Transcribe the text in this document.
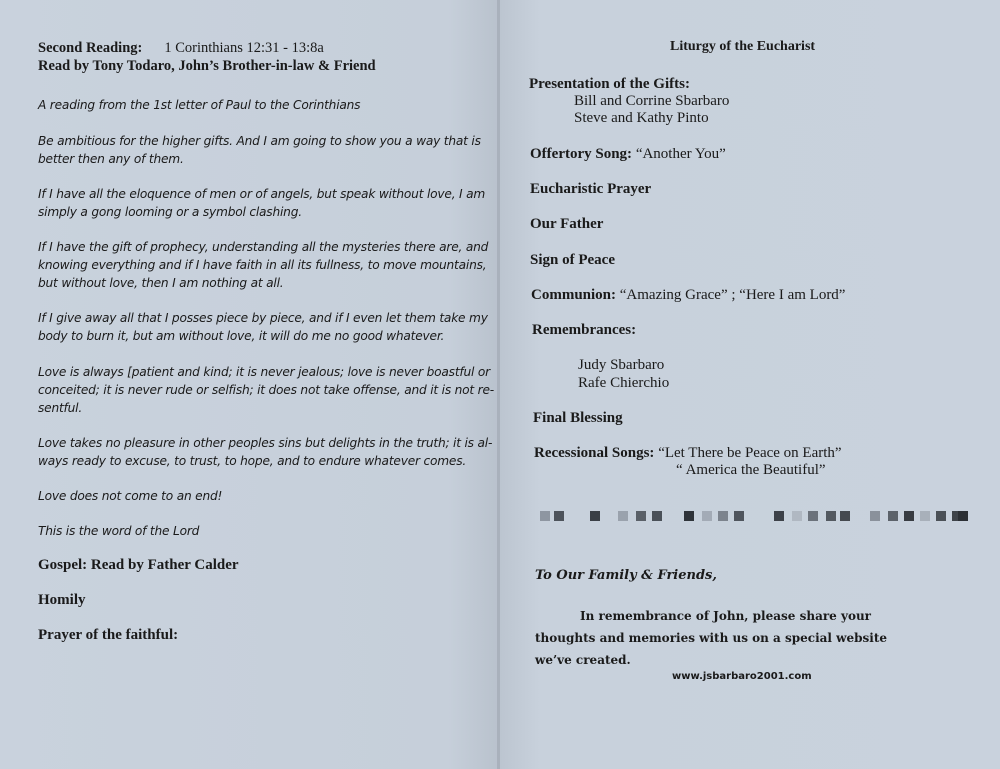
Second Reading: 1 Corinthians 12:31 - 13:8a
Read by Tony Todaro, John’s Brother-in-law & Friend
A reading from the 1st letter of Paul to the Corinthians
Be ambitious for the higher gifts. And I am going to show you a way that is
better then any of them.
If I have all the eloquence of men or of angels, but speak without love, I am
simply a gong looming or a symbol clashing.
If I have the gift of prophecy, understanding all the mysteries there are, and
knowing everything and if I have faith in all its fullness, to move mountains,
but without love, then I am nothing at all.
If I give away all that I posses piece by piece, and if I even let them take my
body to burn it, but am without love, it will do me no good whatever.
Love is always [patient and kind; it is never jealous; love is never boastful or
conceited; it is never rude or selfish; it does not take offense, and it is not re-
sentful.
Love takes no pleasure in other peoples sins but delights in the truth; it is al-
ways ready to excuse, to trust, to hope, and to endure whatever comes.
Love does not come to an end!
This is the word of the Lord
Gospel: Read by Father Calder
Homily
Prayer of the faithful:
Liturgy of the Eucharist
Presentation of the Gifts:
Bill and Corrine Sbarbaro
Steve and Kathy Pinto
Offertory Song: “Another You”
Eucharistic Prayer
Our Father
Sign of Peace
Communion: “Amazing Grace” ; “Here I am Lord”
Remembrances:
Judy Sbarbaro
Rafe Chierchio
Final Blessing
Recessional Songs: “Let There be Peace on Earth”
“ America the Beautiful”
To Our Family & Friends,
In remembrance of John, please share your
thoughts and memories with us on a special website
we’ve created.
www.jsbarbaro2001.com
